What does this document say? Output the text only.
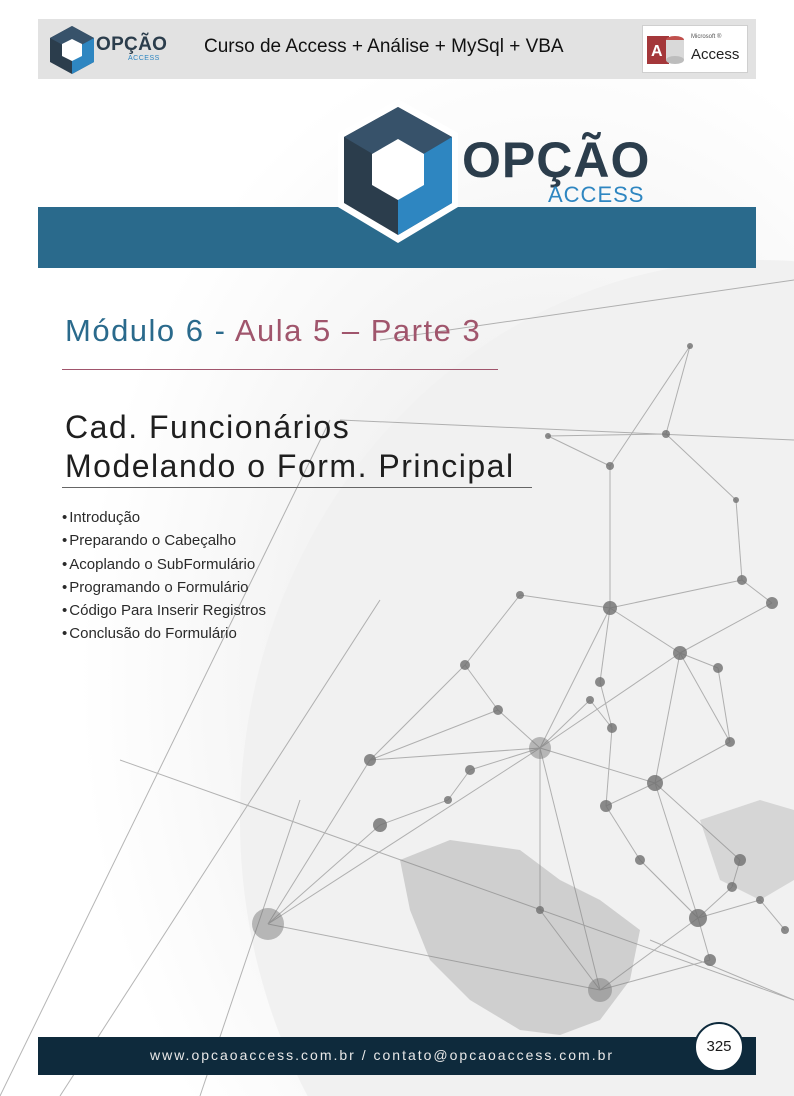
OPÇÃO
ACCESS
Curso de Access + Análise + MySql + VBA	A
Microsoft ®
Access
OPÇÃO
ACCESS
Módulo 6 - Aula 5 – Parte 3
Cad. Funcionários
Modelando o Form. Principal
• Introdução
• Preparando o Cabeçalho
• Acoplando o SubFormulário
• Programando o Formulário
• Código Para Inserir Registros
• Conclusão do Formulário
www.opcaoaccess.com.br / contato@opcaoaccess.com.br	325
